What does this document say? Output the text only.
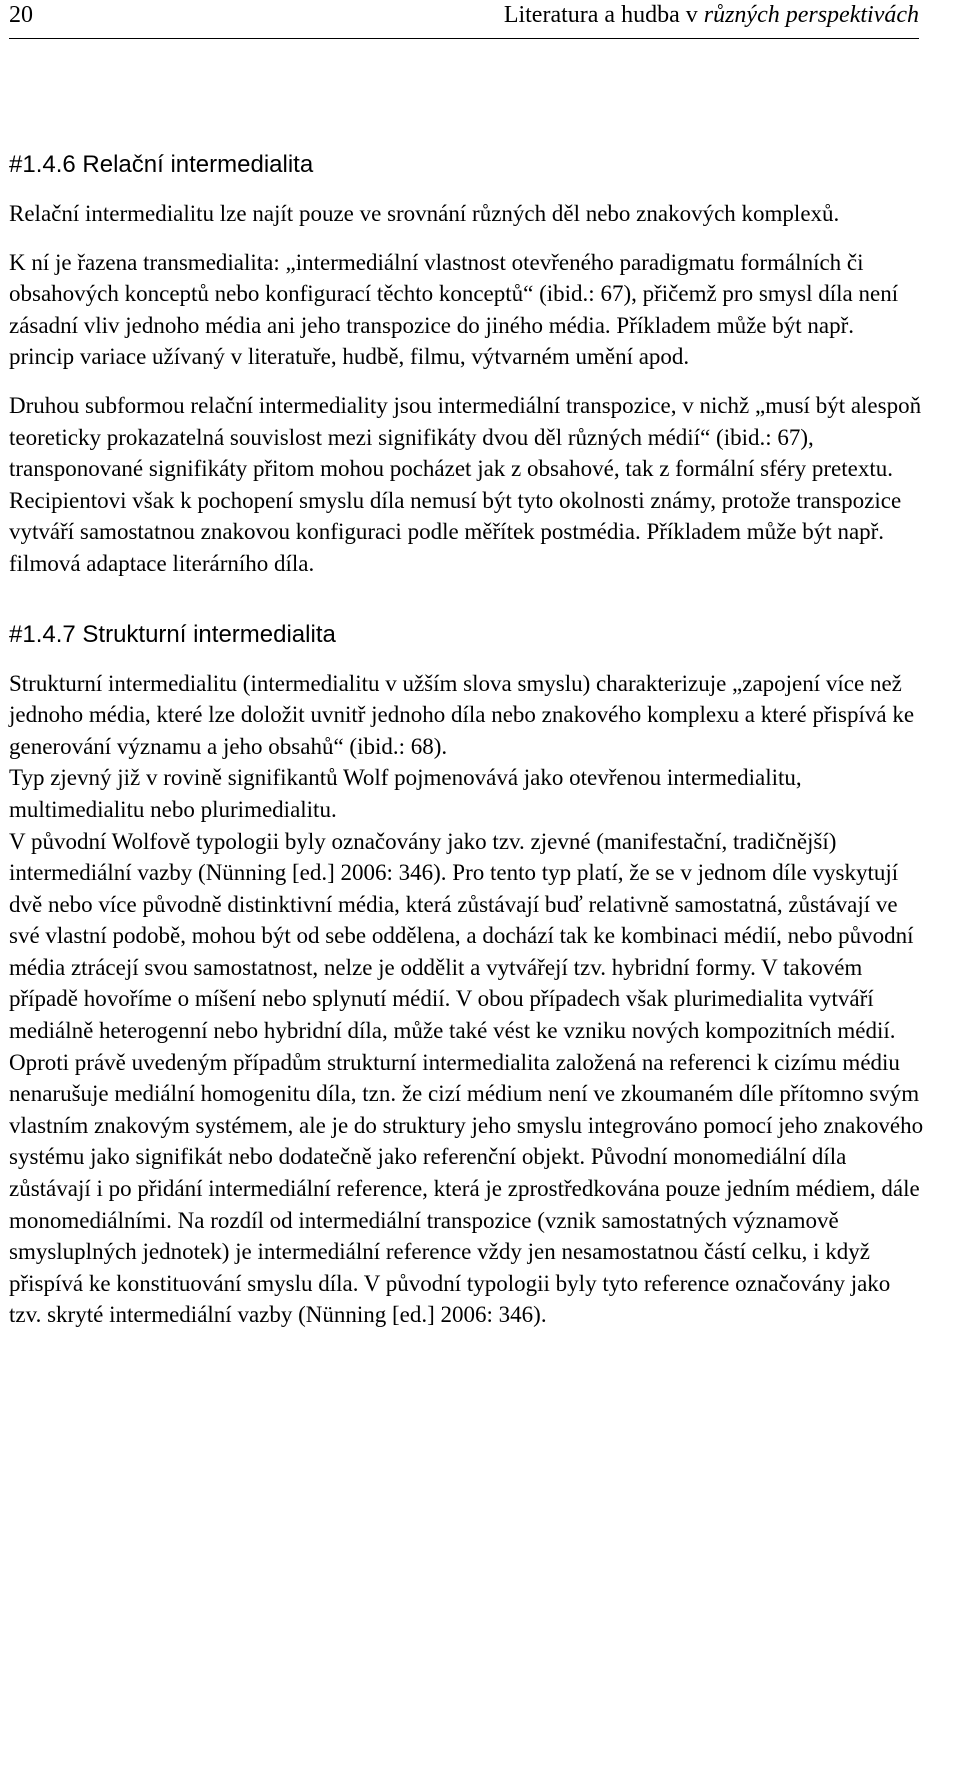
20	Literatura a hudba v různých perspektivách
#1.4.6 Relační intermedialita

Relační intermedialitu lze najít pouze ve srovnání různých děl nebo znakových komplexů.

K ní je řazena transmedialita: „intermediální vlastnost otevřeného paradigmatu formálních či obsahových konceptů nebo konfigurací těchto konceptů“ (ibid.: 67), přičemž pro smysl díla není zásadní vliv jednoho média ani jeho transpozice do jiného média. Příkladem může být např. princip variace užívaný v literatuře, hudbě, filmu, výtvarném umění apod.

Druhou subformou relační intermediality jsou intermediální transpozice, v nichž „musí být alespoň teoreticky prokazatelná souvislost mezi signifikáty dvou děl různých médií“ (ibid.: 67), transponované signifikáty přitom mohou pocházet jak z obsahové, tak z formální sféry pretextu. Recipientovi však k pochopení smyslu díla nemusí být tyto okolnosti známy, protože transpozice vytváří samostatnou znakovou konfiguraci podle měřítek postmédia. Příkladem může být např. filmová adaptace literárního díla.

#1.4.7 Strukturní intermedialita

Strukturní intermedialitu (intermedialitu v užším slova smyslu) charakterizuje „zapojení více než jednoho média, které lze doložit uvnitř jednoho díla nebo znakového komplexu a které přispívá ke generování významu a jeho obsahů“ (ibid.: 68).

Typ zjevný již v rovině signifikantů Wolf pojmenovává jako otevřenou intermedialitu, multimedialitu nebo plurimedialitu.

V původní Wolfově typologii byly označovány jako tzv. zjevné (manifestační, tradičnější) intermediální vazby (Nünning [ed.] 2006: 346). Pro tento typ platí, že se v jednom díle vyskytují dvě nebo více původně distinktivní média, která zůstávají buď relativně samostatná, zůstávají ve své vlastní podobě, mohou být od sebe oddělena, a dochází tak ke kombinaci médií, nebo původní média ztrácejí svou samostatnost, nelze je oddělit a vytvářejí tzv. hybridní formy. V takovém případě hovoříme o míšení nebo splynutí médií. V obou případech však plurimedialita vytváří mediálně heterogenní nebo hybridní díla, může také vést ke vzniku nových kompozitních médií.

Oproti právě uvedeným případům strukturní intermedialita založená na referenci k cizímu médiu nenarušuje mediální homogenitu díla, tzn. že cizí médium není ve zkoumaném díle přítomno svým vlastním znakovým systémem, ale je do struktury jeho smyslu integrováno pomocí jeho znakového systému jako signifikát nebo dodatečně jako referenční objekt. Původní monomediální díla zůstávají i po přidání intermediální reference, která je zprostředkována pouze jedním médiem, dále monomediálními. Na rozdíl od intermediální transpozice (vznik samostatných významově smysluplných jednotek) je intermediální reference vždy jen nesamostatnou částí celku, i když přispívá ke konstituování smyslu díla. V původní typologii byly tyto reference označovány jako tzv. skryté intermediální vazby (Nünning [ed.] 2006: 346).
